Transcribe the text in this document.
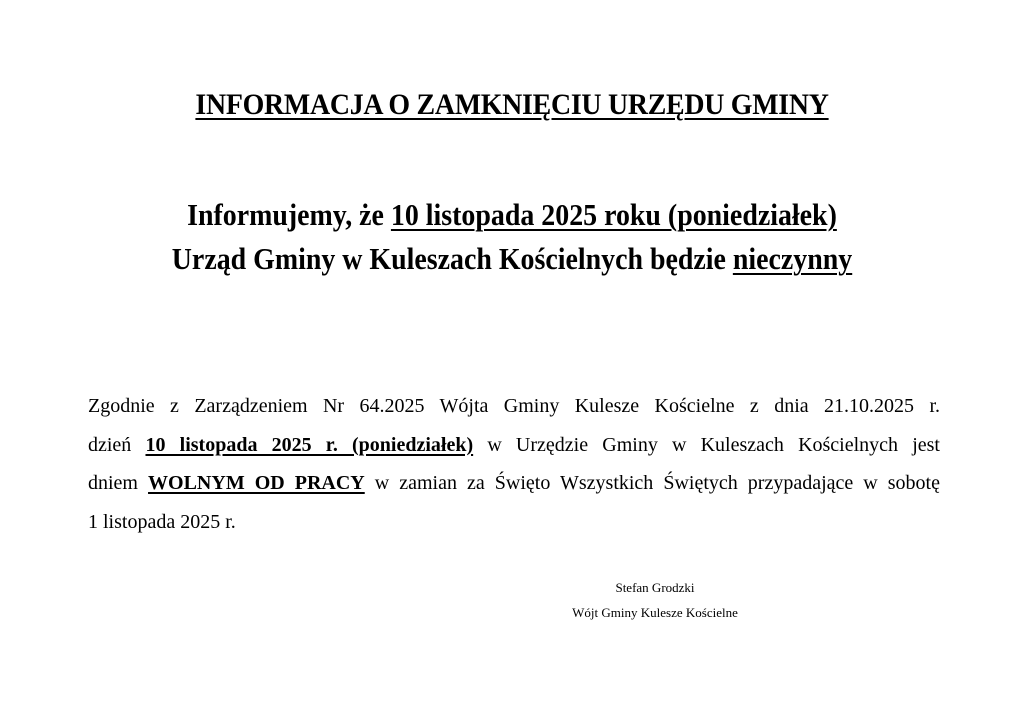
INFORMACJA O ZAMKNIĘCIU URZĘDU GMINY
Informujemy, że 10 listopada 2025 roku (poniedziałek)
Urząd Gminy w Kuleszach Kościelnych będzie nieczynny
Zgodnie z Zarządzeniem Nr 64.2025 Wójta Gminy Kulesze Kościelne z dnia 21.10.2025 r.
dzień 10 listopada 2025 r. (poniedziałek) w Urzędzie Gminy w Kuleszach Kościelnych jest
dniem WOLNYM OD PRACY w zamian za Święto Wszystkich Świętych przypadające w sobotę
1 listopada 2025 r.
Stefan Grodzki
Wójt Gminy Kulesze Kościelne
